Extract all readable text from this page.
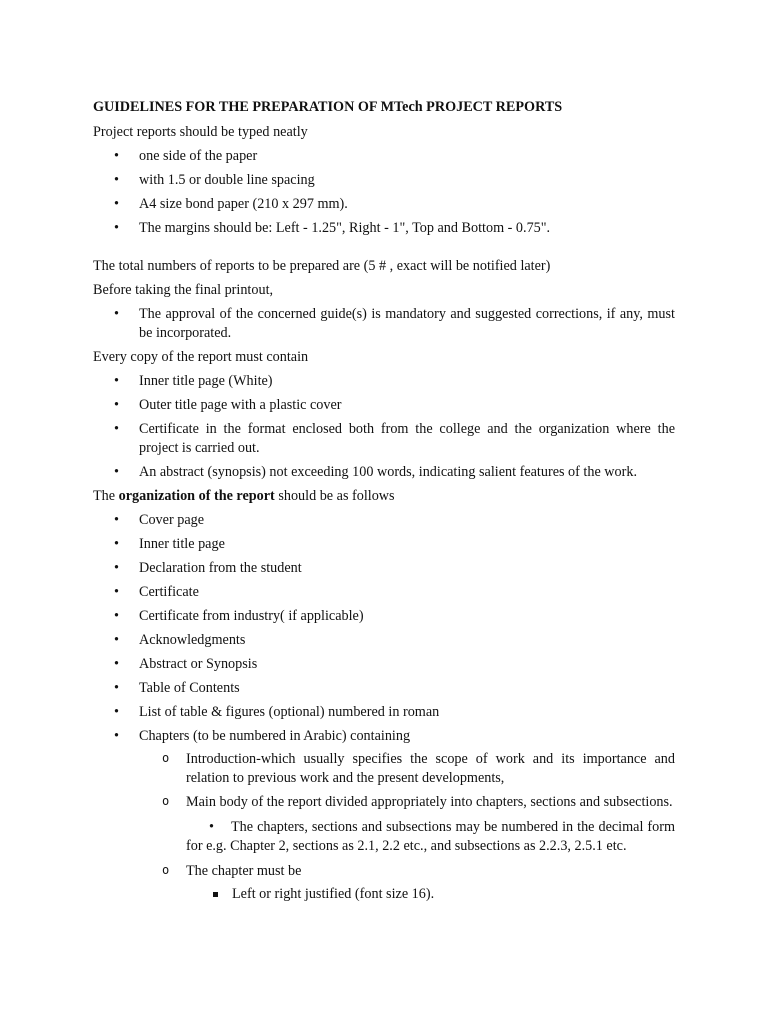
GUIDELINES FOR THE PREPARATION OF MTech PROJECT REPORTS
Project reports should be typed neatly
• one side of the paper
• with 1.5 or double line spacing
• A4 size bond paper (210 x 297 mm).
• The margins should be: Left - 1.25", Right - 1", Top and Bottom - 0.75".
The total numbers of reports to be prepared are (5 # , exact will be notified later)
Before taking the final printout,
• The approval of the concerned guide(s) is mandatory and suggested corrections, if any, must be incorporated.
Every copy of the report must contain
• Inner title page (White)
• Outer title page with a plastic cover
• Certificate in the format enclosed both from the college and the organization where the project is carried out.
• An abstract (synopsis) not exceeding 100 words, indicating salient features of the work.
The organization of the report should be as follows
• Cover page
• Inner title page
• Declaration from the student
• Certificate
• Certificate from industry( if applicable)
• Acknowledgments
• Abstract or Synopsis
• Table of Contents
• List of table & figures (optional) numbered in roman
• Chapters (to be numbered in Arabic) containing
o Introduction-which usually specifies the scope of work and its importance and relation to previous work and the present developments,
o Main body of the report divided appropriately into chapters, sections and subsections.
• The chapters, sections and subsections may be numbered in the decimal form for e.g. Chapter 2, sections as 2.1, 2.2 etc., and subsections as 2.2.3, 2.5.1 etc.
o The chapter must be
Left or right justified (font size 16).
